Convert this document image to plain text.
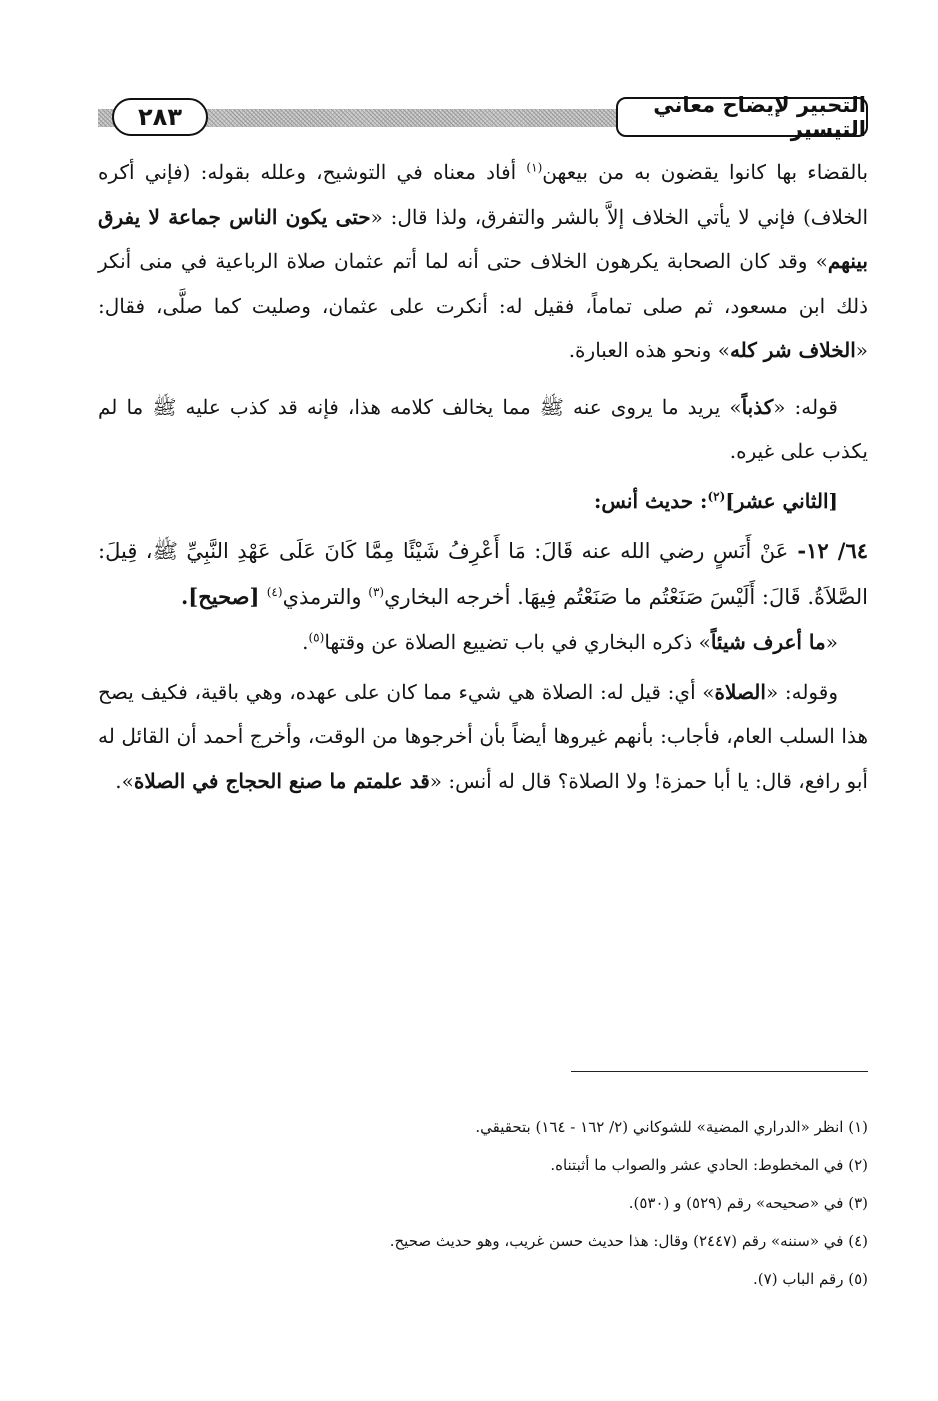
التحبير لإيضاح معاني التيسير
٢٨٣

بالقضاء بها كانوا يقضون به من بيعهن$^{(١)}$ أفاد معناه في التوشيح، وعلله بقوله: (فإني أكره الخلاف) فإني لا يأتي الخلاف إلاَّ بالشر والتفرق، ولذا قال: «حتى يكون الناس جماعة لا يفرق بينهم» وقد كان الصحابة يكرهون الخلاف حتى أنه لما أتم عثمان صلاة الرباعية في منى أنكر ذلك ابن مسعود، ثم صلى تماماً، فقيل له: أنكرت على عثمان، وصليت كما صلَّى، فقال: «الخلاف شر كله» ونحو هذه العبارة.

قوله: «كذباً» يريد ما يروى عنه ﷺ مما يخالف كلامه هذا، فإنه قد كذب عليه ﷺ ما لم يكذب على غيره.

[الثاني عشر]$^{(٢)}$: حديث أنس:

٦٤/ ١٢- عَنْ أَنَسٍ رضي الله عنه قَالَ: مَا أَعْرِفُ شَيْئًا مِمَّا كَانَ عَلَى عَهْدِ النَّبِيِّ ﷺ، قِيلَ: الصَّلاَةُ. قَالَ: أَلَيْسَ صَنَعْتُم ما صَنَعْتُم فِيهَا. أخرجه البخاري$^{(٣)}$ والترمذي$^{(٤)}$ [صحيح].

«ما أعرف شيئاً» ذكره البخاري في باب تضييع الصلاة عن وقتها$^{(٥)}$.

وقوله: «الصلاة» أي: قيل له: الصلاة هي شيء مما كان على عهده، وهي باقية، فكيف يصح هذا السلب العام، فأجاب: بأنهم غيروها أيضاً بأن أخرجوها من الوقت، وأخرج أحمد أن القائل له أبو رافع، قال: يا أبا حمزة! ولا الصلاة؟ قال له أنس: «قد علمتم ما صنع الحجاج في الصلاة».

(١) انظر «الدراري المضية» للشوكاني (٢/ ١٦٢ - ١٦٤) بتحقيقي.

(٢) في المخطوط: الحادي عشر والصواب ما أثبتناه.

(٣) في «صحيحه» رقم (٥٢٩) و (٥٣٠).

(٤) في «سننه» رقم (٢٤٤٧) وقال: هذا حديث حسن غريب، وهو حديث صحيح.

(٥) رقم الباب (٧).
